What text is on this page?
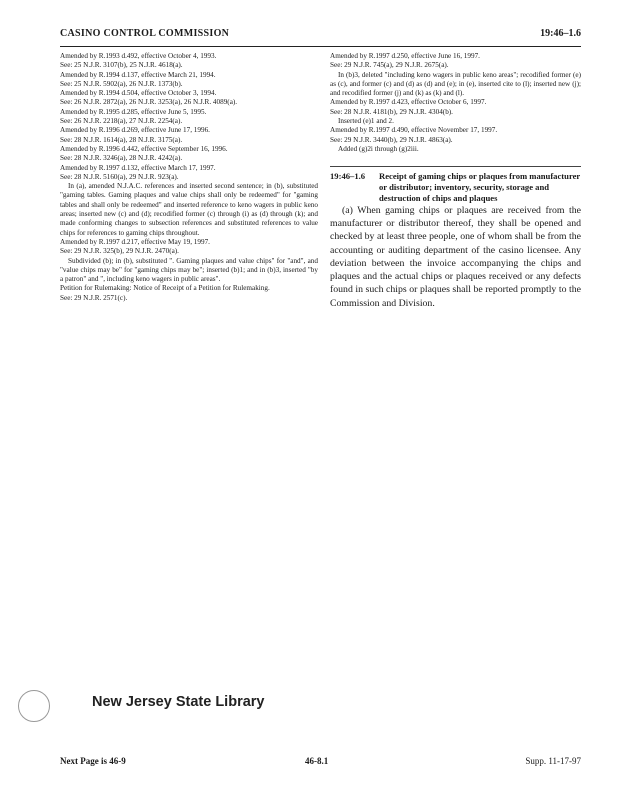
CASINO CONTROL COMMISSION	19:46–1.6

Amended by R.1993 d.492, effective October 4, 1993.

See: 25 N.J.R. 3107(b), 25 N.J.R. 4618(a).

Amended by R.1994 d.137, effective March 21, 1994.

See: 25 N.J.R. 5902(a), 26 N.J.R. 1373(b).

Amended by R.1994 d.504, effective October 3, 1994.

See: 26 N.J.R. 2872(a), 26 N.J.R. 3253(a), 26 N.J.R. 4089(a).

Amended by R.1995 d.285, effective June 5, 1995.

See: 26 N.J.R. 2218(a), 27 N.J.R. 2254(a).

Amended by R.1996 d.269, effective June 17, 1996.

See: 28 N.J.R. 1614(a), 28 N.J.R. 3175(a).

Amended by R.1996 d.442, effective September 16, 1996.

See: 28 N.J.R. 3246(a), 28 N.J.R. 4242(a).

Amended by R.1997 d.132, effective March 17, 1997.

See: 28 N.J.R. 5160(a), 29 N.J.R. 923(a).

In (a), amended N.J.A.C. references and inserted second sentence; in (b), substituted "gaming tables. Gaming plaques and value chips shall only be redeemed" for "gaming tables and shall only be redeemed" and inserted reference to keno wagers in public keno areas; inserted new (c) and (d); recodified former (c) through (i) as (d) through (k); and made conforming changes to subsection references and substituted references to value chips for references to gaming chips throughout.

Amended by R.1997 d.217, effective May 19, 1997.

See: 29 N.J.R. 325(b), 29 N.J.R. 2470(a).

Subdivided (b); in (b), substituted ". Gaming plaques and value chips" for "and", and "value chips may be" for "gaming chips may be"; inserted (b)1; and in (b)3, inserted "by a patron" and ", including keno wagers in public areas".

Petition for Rulemaking: Notice of Receipt of a Petition for Rulemaking.

See: 29 N.J.R. 2571(c).

Amended by R.1997 d.250, effective June 16, 1997.

See: 29 N.J.R. 745(a), 29 N.J.R. 2675(a).

In (b)3, deleted "including keno wagers in public keno areas"; recodified former (e) as (c), and former (c) and (d) as (d) and (e); in (e), inserted cite to (l); inserted new (j); and recodified former (j) and (k) as (k) and (l).

Amended by R.1997 d.423, effective October 6, 1997.

See: 28 N.J.R. 4181(b), 29 N.J.R. 4304(b).

Inserted (e)1 and 2.

Amended by R.1997 d.490, effective November 17, 1997.

See: 29 N.J.R. 3440(b), 29 N.J.R. 4863(a).

Added (g)2i through (g)2iii.

19:46–1.6	Receipt of gaming chips or plaques from manufacturer or distributor; inventory, security, storage and destruction of chips and plaques

(a) When gaming chips or plaques are received from the manufacturer or distributor thereof, they shall be opened and checked by at least three people, one of whom shall be from the accounting or auditing department of the casino licensee. Any deviation between the invoice accompanying the chips and plaques and the actual chips or plaques received or any defects found in such chips or plaques shall be reported promptly to the Commission and Division.

New Jersey State Library
Next Page is 46-9	46-8.1	Supp. 11-17-97
